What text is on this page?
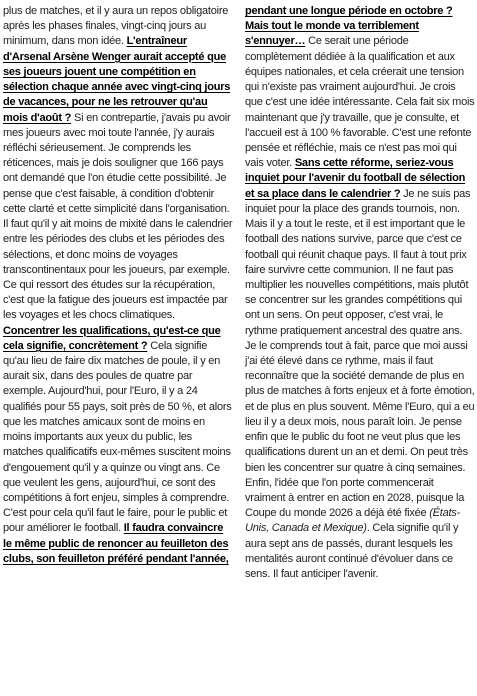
plus de matches, et il y aura un repos obligatoire après les phases finales, vingt-cinq jours au minimum, dans mon idée. L'entraîneur d'Arsenal Arsène Wenger aurait accepté que ses joueurs jouent une compétition en sélection chaque année avec vingt-cinq jours de vacances, pour ne les retrouver qu'au mois d'août ? Si en contrepartie, j'avais pu avoir mes joueurs avec moi toute l'année, j'y aurais réfléchi sérieusement. Je comprends les réticences, mais je dois souligner que 166 pays ont demandé que l'on étudie cette possibilité. Je pense que c'est faisable, à condition d'obtenir cette clarté et cette simplicité dans l'organisation. Il faut qu'il y ait moins de mixité dans le calendrier entre les périodes des clubs et les périodes des sélections, et donc moins de voyages transcontinentaux pour les joueurs, par exemple. Ce qui ressort des études sur la récupération, c'est que la fatigue des joueurs est impactée par les voyages et les chocs climatiques. Concentrer les qualifications, qu'est-ce que cela signifie, concrètement ? Cela signifie qu'au lieu de faire dix matches de poule, il y en aurait six, dans des poules de quatre par exemple. Aujourd'hui, pour l'Euro, il y a 24 qualifiés pour 55 pays, soit près de 50 %, et alors que les matches amicaux sont de moins en moins importants aux yeux du public, les matches qualificatifs eux-mêmes suscitent moins d'engouement qu'il y a quinze ou vingt ans. Ce que veulent les gens, aujourd'hui, ce sont des compétitions à fort enjeu, simples à comprendre. C'est pour cela qu'il faut le faire, pour le public et pour améliorer le football. Il faudra convaincre le même public de renoncer au feuilleton des clubs, son feuilleton préféré pendant l'année,

pendant une longue période en octobre ? Mais tout le monde va terriblement s'ennuyer… Ce serait une période complètement dédiée à la qualification et aux équipes nationales, et cela créerait une tension qui n'existe pas vraiment aujourd'hui. Je crois que c'est une idée intéressante. Cela fait six mois maintenant que j'y travaille, que je consulte, et l'accueil est à 100 % favorable. C'est une refonte pensée et réfléchie, mais ce n'est pas moi qui vais voter. Sans cette réforme, seriez-vous inquiet pour l'avenir du football de sélection et sa place dans le calendrier ? Je ne suis pas inquiet pour la place des grands tournois, non. Mais il y a tout le reste, et il est important que le football des nations survive, parce que c'est ce football qui réunit chaque pays. Il faut à tout prix faire survivre cette communion. Il ne faut pas multiplier les nouvelles compétitions, mais plutôt se concentrer sur les grandes compétitions qui ont un sens. On peut opposer, c'est vrai, le rythme pratiquement ancestral des quatre ans. Je le comprends tout à fait, parce que moi aussi j'ai été élevé dans ce rythme, mais il faut reconnaître que la société demande de plus en plus de matches à forts enjeux et à forte émotion, et de plus en plus souvent. Même l'Euro, qui a eu lieu il y a deux mois, nous paraît loin. Je pense enfin que le public du foot ne veut plus que les qualifications durent un an et demi. On peut très bien les concentrer sur quatre à cinq semaines. Enfin, l'idée que l'on porte commencerait vraiment à entrer en action en 2028, puisque la Coupe du monde 2026 a déjà été fixée (États-Unis, Canada et Mexique). Cela signifie qu'il y aura sept ans de passés, durant lesquels les mentalités auront continué d'évoluer dans ce sens. Il faut anticiper l'avenir.
